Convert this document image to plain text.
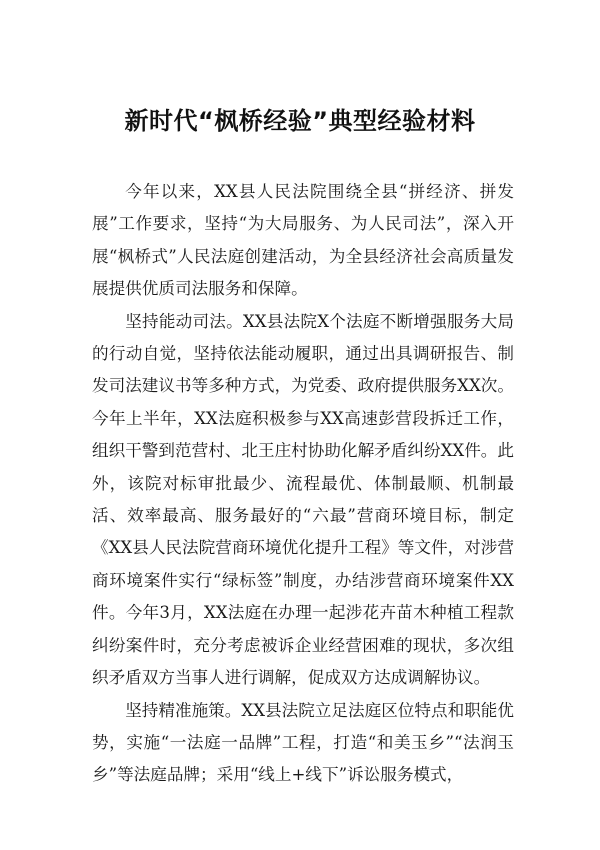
新时代“枫桥经验”典型经验材料

今年以来，XX县人民法院围绕全县“拼经济、拼发展”工作要求，坚持“为大局服务、为人民司法”，深入开展“枫桥式”人民法庭创建活动，为全县经济社会高质量发展提供优质司法服务和保障。

坚持能动司法。XX县法院X个法庭不断增强服务大局的行动自觉，坚持依法能动履职，通过出具调研报告、制发司法建议书等多种方式，为党委、政府提供服务XX次。今年上半年，XX法庭积极参与XX高速彭营段拆迁工作，组织干警到范营村、北王庄村协助化解矛盾纠纷XX件。此外，该院对标审批最少、流程最优、体制最顺、机制最活、效率最高、服务最好的“六最”营商环境目标，制定《XX县人民法院营商环境优化提升工程》等文件，对涉营商环境案件实行“绿标签”制度，办结涉营商环境案件XX件。今年3月，XX法庭在办理一起涉花卉苗木种植工程款纠纷案件时，充分考虑被诉企业经营困难的现状，多次组织矛盾双方当事人进行调解，促成双方达成调解协议。

坚持精准施策。XX县法院立足法庭区位特点和职能优势，实施“一法庭一品牌”工程，打造“和美玉乡”“法润玉乡”等法庭品牌；采用“线上+线下”诉讼服务模式，
